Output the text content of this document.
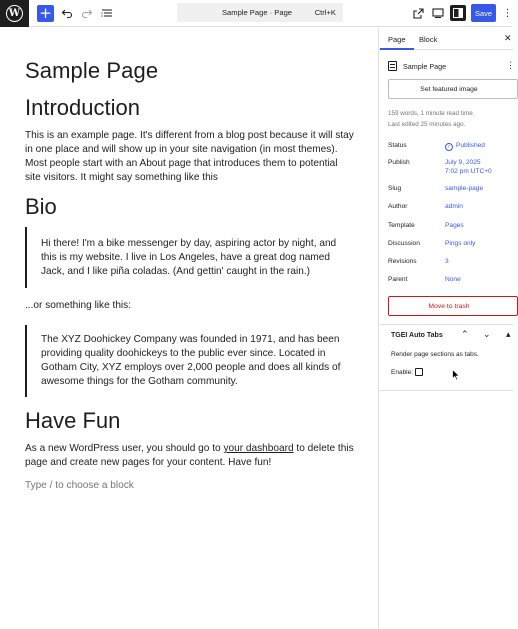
W +	Sample Page · Page	Ctrl+K	Save	⋮
Sample Page
Introduction
This is an example page. It's different from a blog post because it will stay in one place and will show up in your site navigation (in most themes). Most people start with an About page that introduces them to potential site visitors. It might say something like this
Bio
Hi there! I'm a bike messenger by day, aspiring actor by night, and this is my website. I live in Los Angeles, have a great dog named Jack, and I like piña coladas. (And gettin' caught in the rain.)
...or something like this:
The XYZ Doohickey Company was founded in 1971, and has been providing quality doohickeys to the public ever since. Located in Gotham City, XYZ employs over 2,000 people and does all kinds of awesome things for the Gotham community.
Have Fun
As a new WordPress user, you should go to your dashboard to delete this page and create new pages for your content. Have fun!
Type / to choose a block
Page Block	✕
Sample Page	⋮
Set featured image
159 words, 1 minute read time.
Last edited 25 minutes ago.
Status	✓ Published
Publish	July 9, 2025
7:02 pm UTC+0
Slug	sample-page
Author	admin
Template	Pages
Discussion	Pings only
Revisions	3
Parent	None
Move to trash
TGEI Auto Tabs ⌃ ⌄ ▴
Render page sections as tabs.
Enable:
